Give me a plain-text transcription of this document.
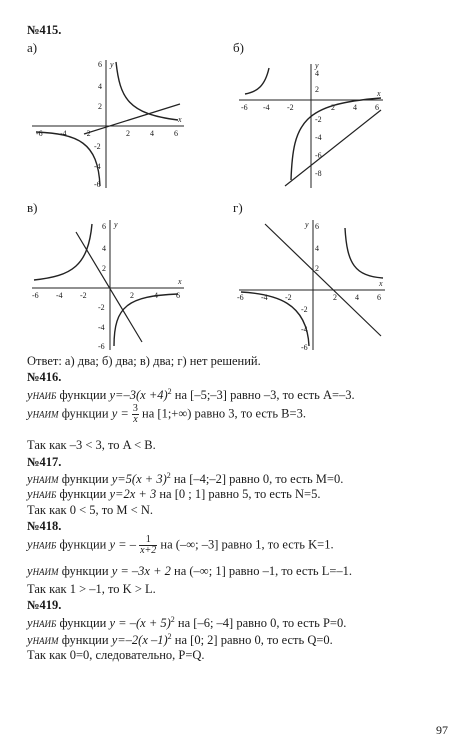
№415.
а)	б)
в)	г)
-6 -4 -2	2	4	6
6
4
2
-2
-4
-6
y
x
-6 -4 -2	2 4 6
4
2
-2
-4
-6
-8
y
x
-6 -4 -2	2	4 6
6
4
2
-2
-4
-6
y
x
-6 -4 -2	2 4 6
6
4
2
-2
-4
-6
y
x
Ответ: а) два; б) два; в) два; г) нет решений.
№416.
yНАИБ функции $y=-3(x +4)^2$ на [–5;–3] равно –3, то есть A=–3.
yНАИМ функции $y = \frac{3}{x}$ на [1;+∞) равно 3, то есть B=3.
Так как –3 < 3, то A < B.
№417.
yНАИМ функции $y=5(x + 3)^2$ на [–4;–2] равно 0, то есть M=0.
yНАИБ функции y=2x + 3 на [0 ; 1] равно 5, то есть N=5.
Так как 0 < 5, то M < N.
№418.
yНАИБ функции y = – $\frac{1}{x+2}$ на (–∞; –3] равно 1, то есть K=1.
yНАИМ функции y = –3x + 2 на (–∞; 1] равно –1, то есть L=–1.
Так как 1 > –1, то K > L.
№419.
yНАИБ функции $y = -(x + 5)^2$ на [–6; –4] равно 0, то есть P=0.
yНАИМ функции y=–2(x –1)$^2$ на [0; 2] равно 0, то есть Q=0.
Так как 0=0, следовательно, P=Q.
97
